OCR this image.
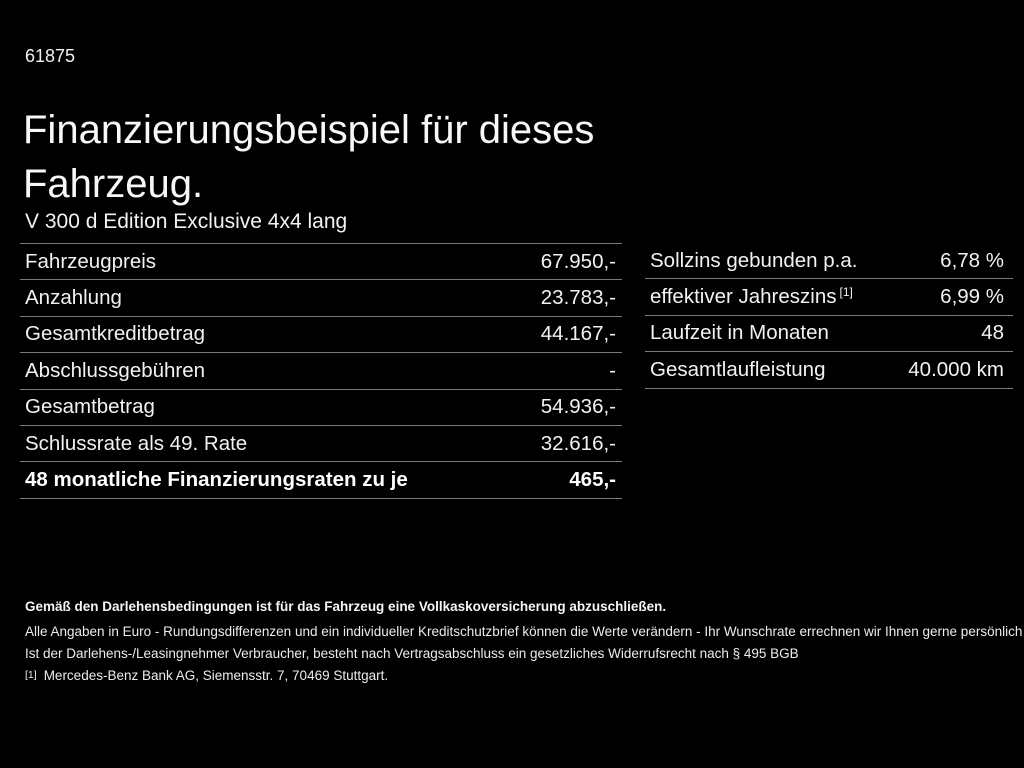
61875
Finanzierungsbeispiel für dieses Fahrzeug.
V 300 d Edition Exclusive 4x4 lang
Fahrzeugpreis	67.950,-
Anzahlung	23.783,-
Gesamtkreditbetrag	44.167,-
Abschlussgebühren	-
Gesamtbetrag	54.936,-
Schlussrate als 49. Rate	32.616,-
48 monatliche Finanzierungsraten zu je	465,-
Sollzins gebunden p.a.	6,78 %
effektiver Jahreszins [1]	6,99 %
Laufzeit in Monaten	48
Gesamtlaufleistung	40.000 km
Gemäß den Darlehensbedingungen ist für das Fahrzeug eine Vollkaskoversicherung abzuschließen.
Alle Angaben in Euro - Rundungsdifferenzen und ein individueller Kreditschutzbrief können die Werte verändern - Ihr Wunschrate errechnen wir Ihnen gerne persönlich
Ist der Darlehens-/Leasingnehmer Verbraucher, besteht nach Vertragsabschluss ein gesetzliches Widerrufsrecht nach § 495 BGB
[1] Mercedes-Benz Bank AG, Siemensstr. 7, 70469 Stuttgart.
